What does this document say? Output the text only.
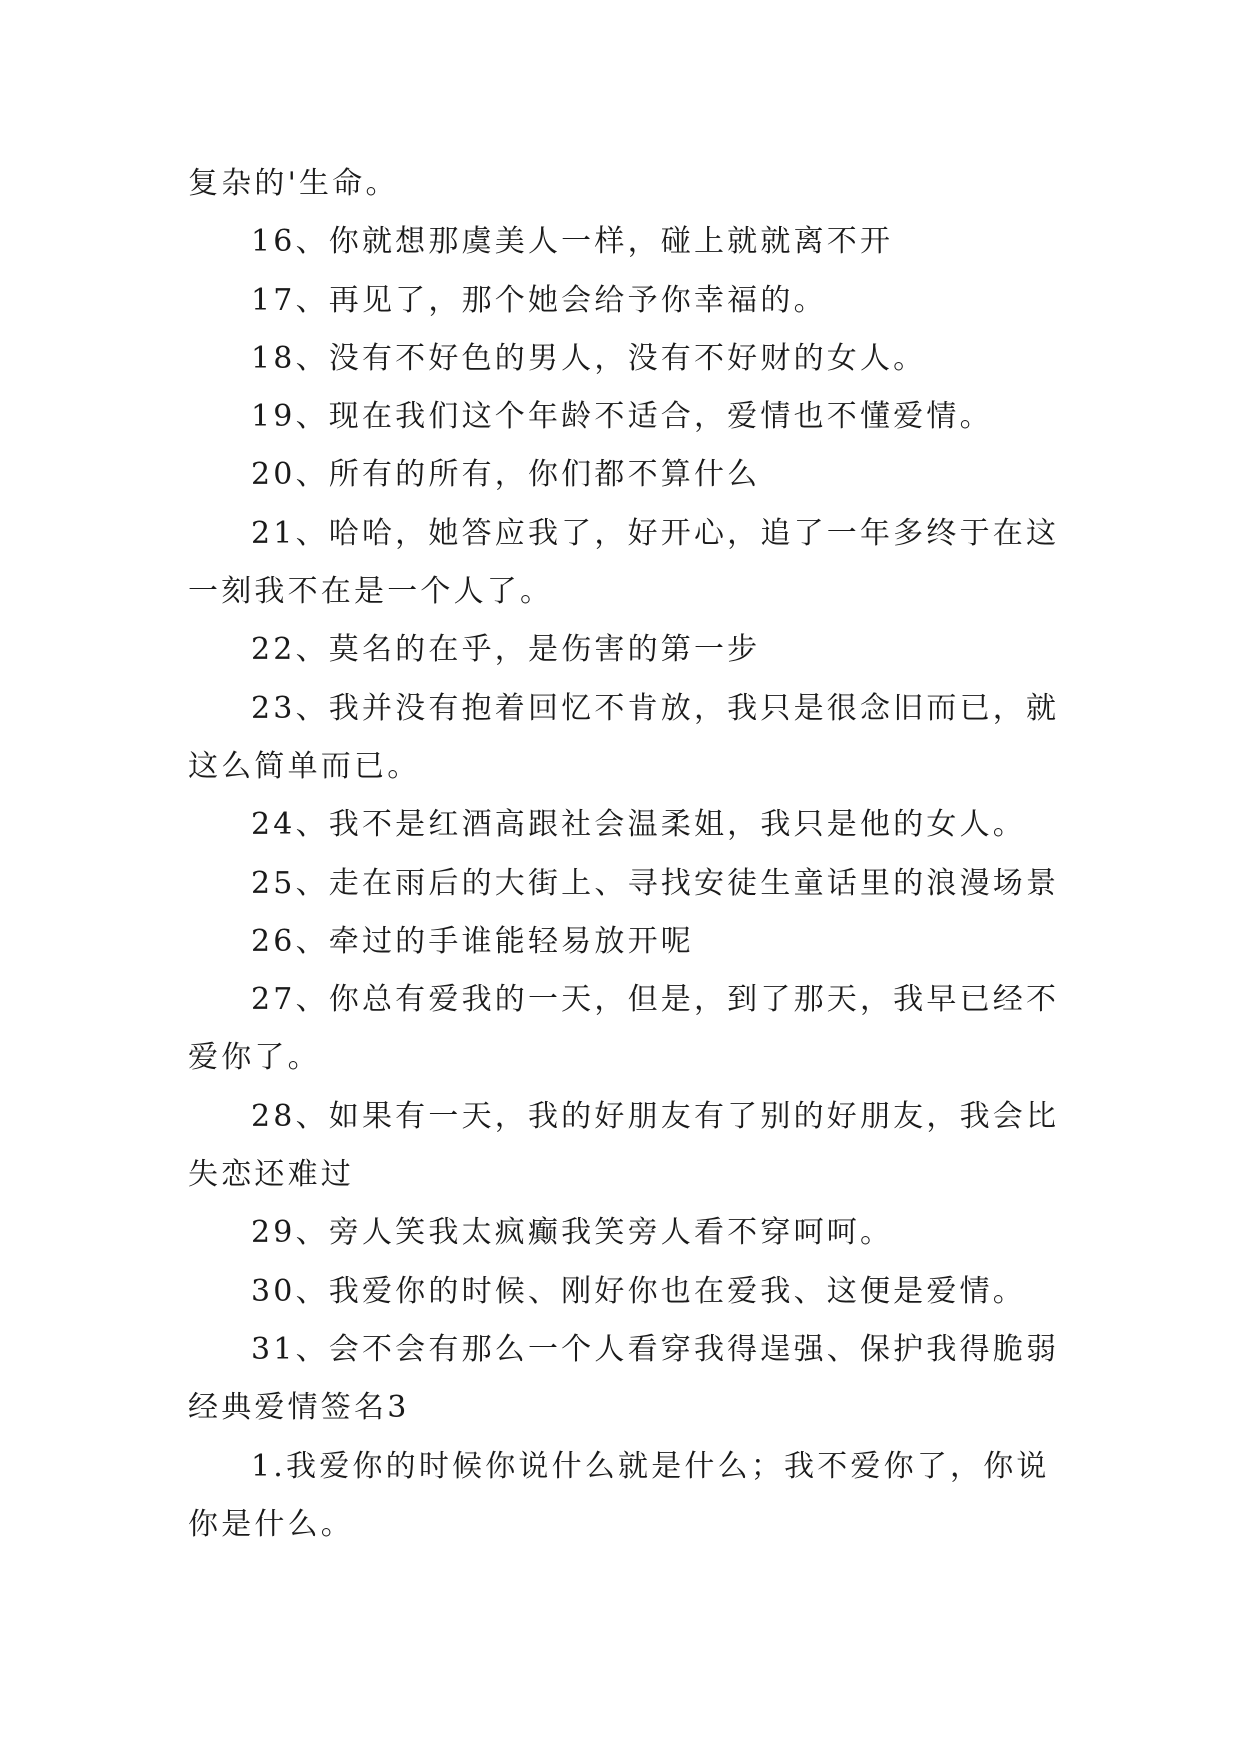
复杂的'生命。
16、你就想那虞美人一样，碰上就就离不开
17、再见了，那个她会给予你幸福的。
18、没有不好色的男人，没有不好财的女人。
19、现在我们这个年龄不适合，爱情也不懂爱情。
20、所有的所有，你们都不算什么
21、哈哈，她答应我了，好开心，追了一年多终于在这
一刻我不在是一个人了。
22、莫名的在乎，是伤害的第一步
23、我并没有抱着回忆不肯放，我只是很念旧而已，就
这么简单而已。
24、我不是红酒高跟社会温柔姐，我只是他的女人。
25、走在雨后的大街上、寻找安徒生童话里的浪漫场景
26、牵过的手谁能轻易放开呢
27、你总有爱我的一天，但是，到了那天，我早已经不
爱你了。
28、如果有一天，我的好朋友有了别的好朋友，我会比
失恋还难过
29、旁人笑我太疯癫我笑旁人看不穿呵呵。
30、我爱你的时候、刚好你也在爱我、这便是爱情。
31、会不会有那么一个人看穿我得逞强、保护我得脆弱
经典爱情签名3
1.我爱你的时候你说什么就是什么；我不爱你了，你说
你是什么。
